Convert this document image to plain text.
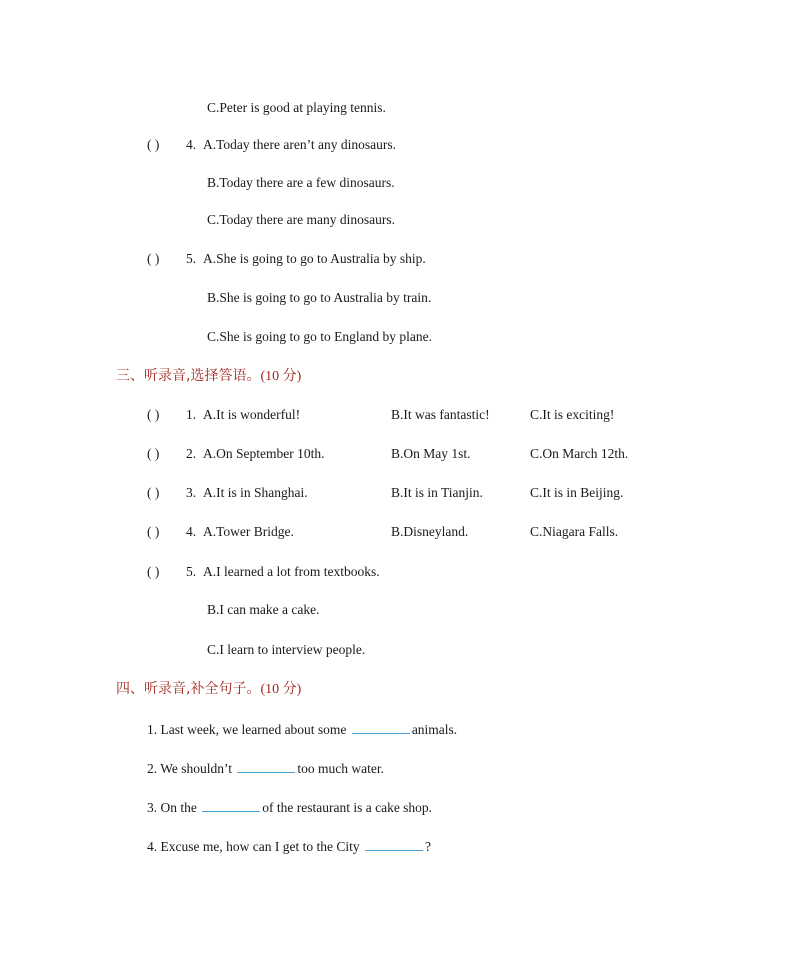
C.Peter is good at playing tennis.
( ) 4. A.Today there aren’t any dinosaurs.
B.Today there are a few dinosaurs.
C.Today there are many dinosaurs.
( ) 5. A.She is going to go to Australia by ship.
B.She is going to go to Australia by train.
C.She is going to go to England by plane.
三、听录音,选择答语。(10 分)
( ) 1. A.It is wonderful!	B.It was fantastic!	C.It is exciting!
( ) 2. A.On September 10th.	B.On May 1st.	C.On March 12th.
( ) 3. A.It is in Shanghai.	B.It is in Tianjin.	C.It is in Beijing.
( ) 4. A.Tower Bridge.	B.Disneyland.	C.Niagara Falls.
( ) 5. A.I learned a lot from textbooks.
B.I can make a cake.
C.I learn to interview people.
四、听录音,补全句子。(10 分)
1. Last week, we learned about some	animals.
2. We shouldn’t	too much water.
3. On the	of the restaurant is a cake shop.
4. Excuse me, how can I get to the City	?
